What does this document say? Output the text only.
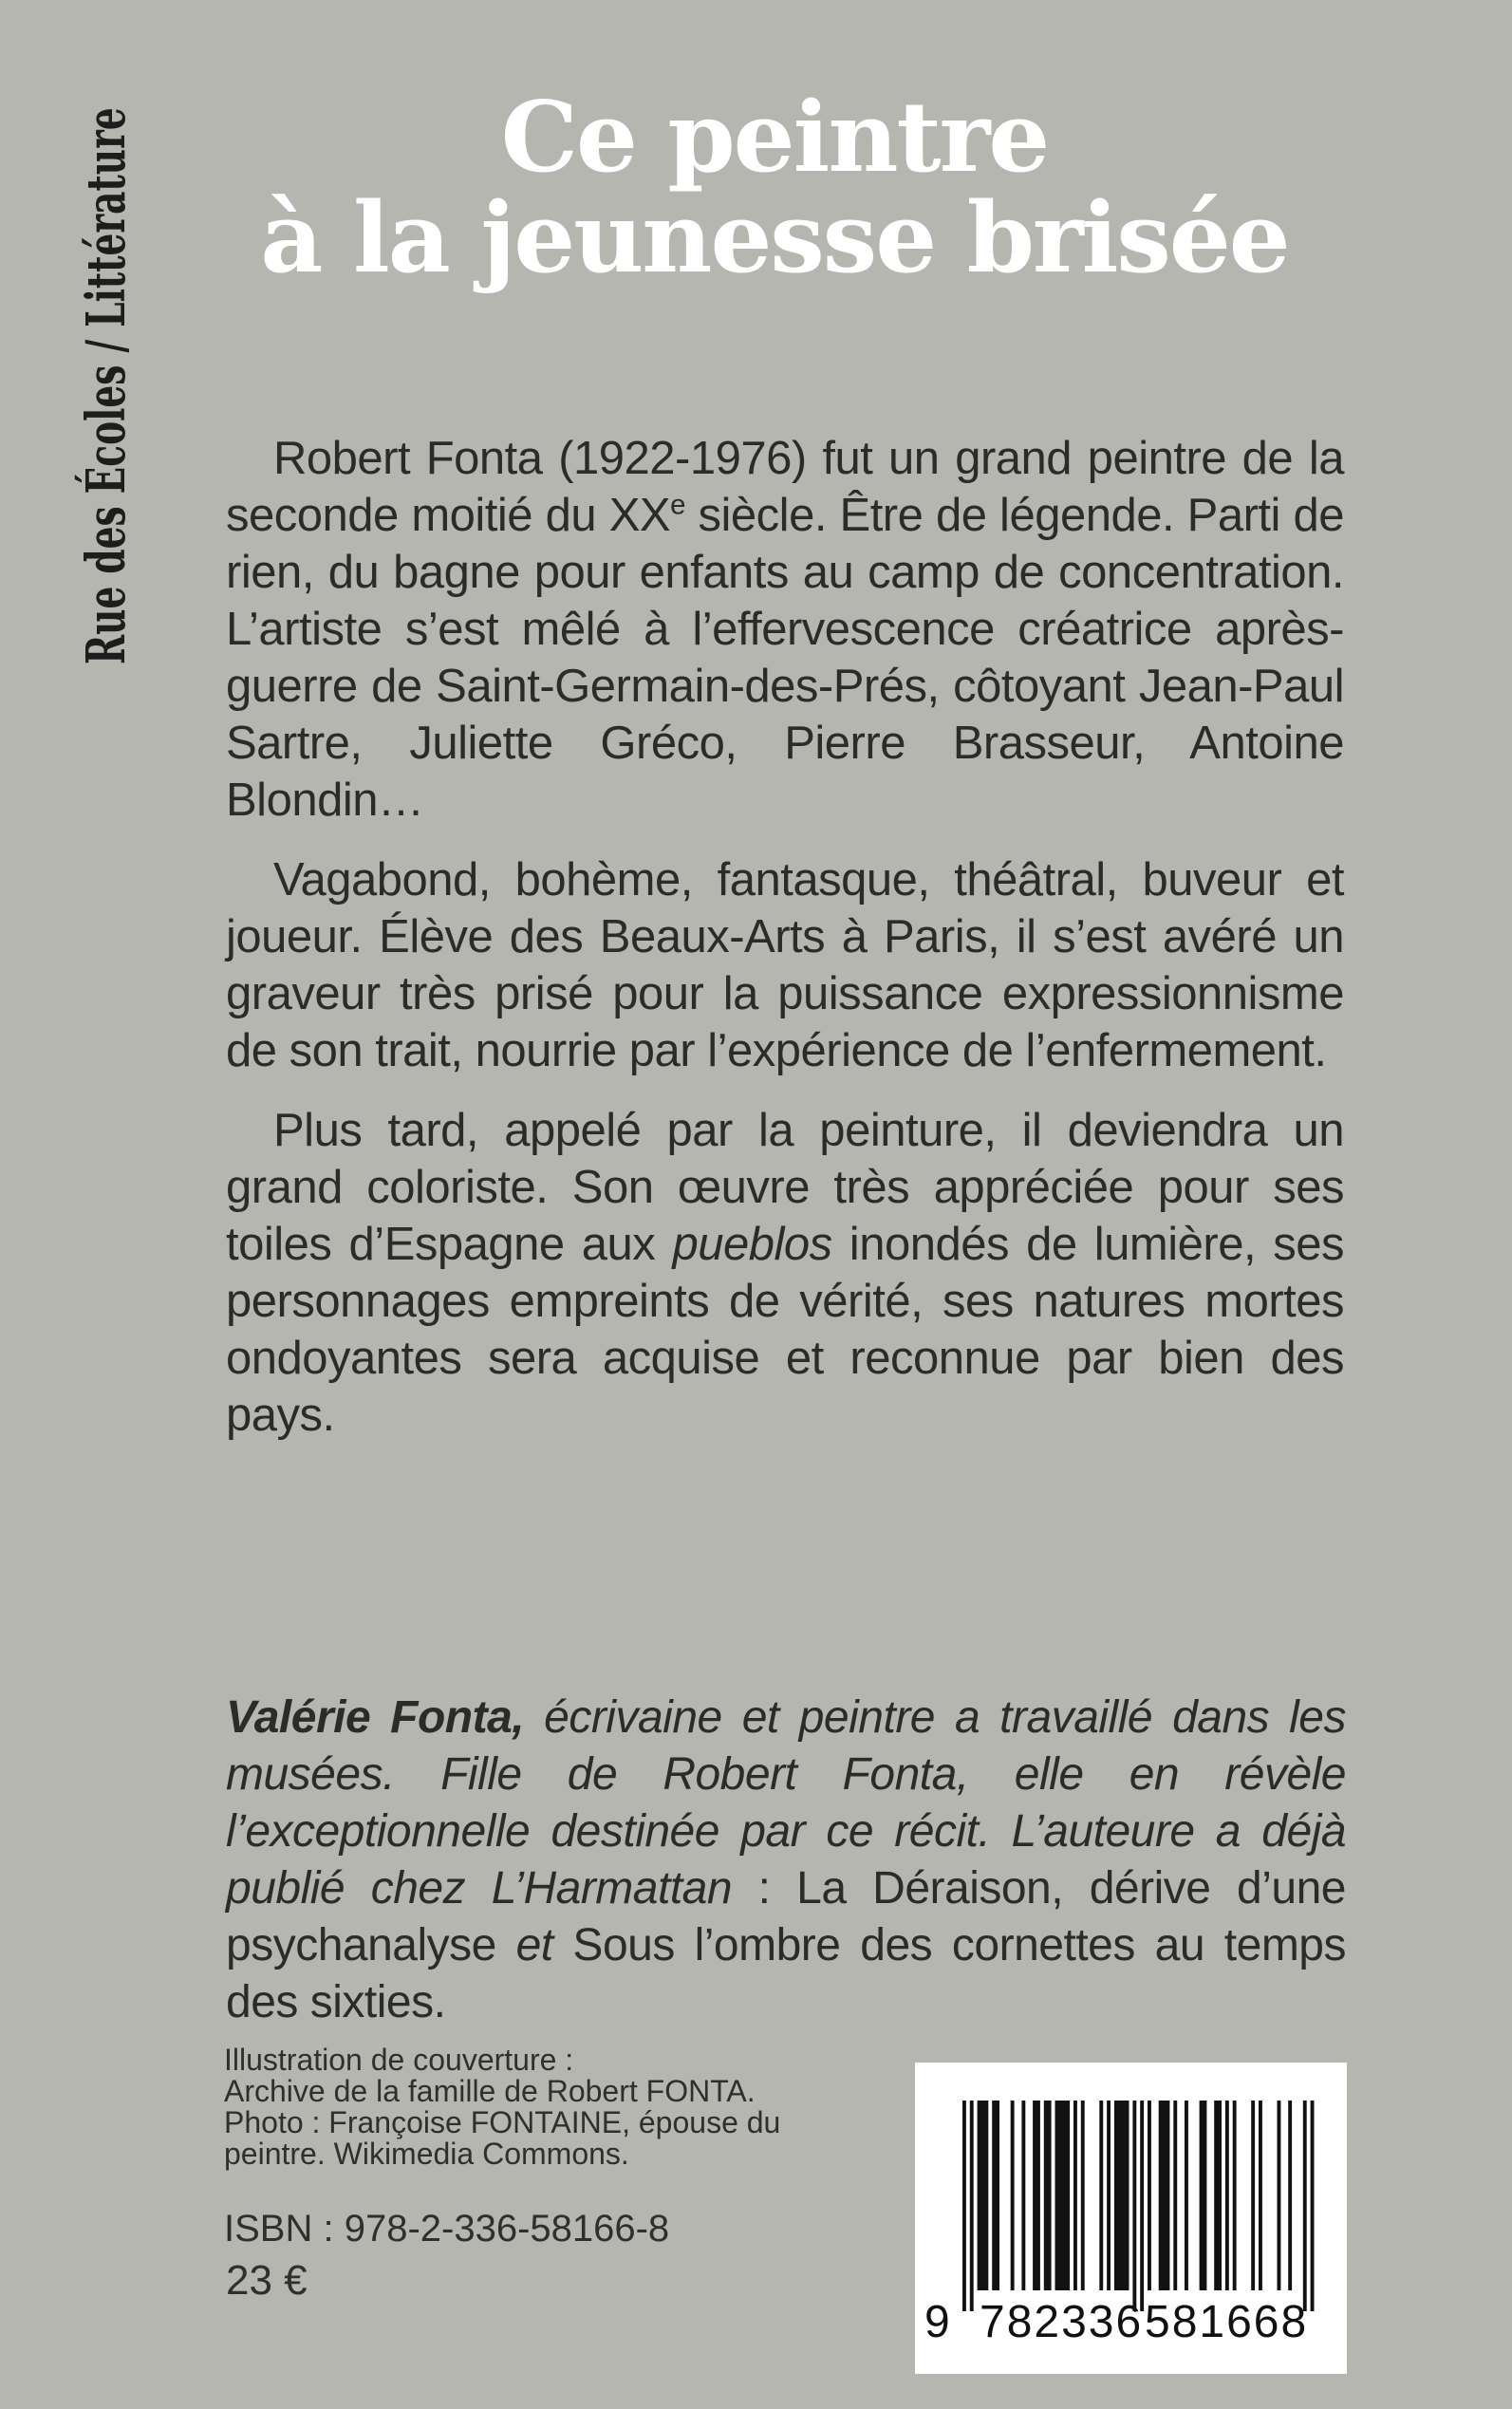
Rue des Écoles / Littérature	Ce peintre
à la jeunesse brisée

Robert Fonta (1922-1976) fut un grand peintre de la seconde moitié du XXe siècle. Être de légende. Parti de rien, du bagne pour enfants au camp de concentration. L’artiste s’est mêlé à l’effervescence créatrice après-guerre de Saint-Germain-des-Prés, côtoyant Jean-Paul Sartre, Juliette Gréco, Pierre Brasseur, Antoine Blondin…

Vagabond, bohème, fantasque, théâtral, buveur et joueur. Élève des Beaux-Arts à Paris, il s’est avéré un graveur très prisé pour la puissance expressionnisme de son trait, nourrie par l’expérience de l’enfermement.

Plus tard, appelé par la peinture, il deviendra un grand coloriste. Son œuvre très appréciée pour ses toiles d’Espagne aux pueblos inondés de lumière, ses personnages empreints de vérité, ses natures mortes ondoyantes sera acquise et reconnue par bien des pays.

Valérie Fonta, écrivaine et peintre a travaillé dans les musées. Fille de Robert Fonta, elle en révèle l’exceptionnelle destinée par ce récit. L’auteure a déjà publié chez L’Harmattan : La Déraison, dérive d’une psychanalyse et Sous l’ombre des cornettes au temps des sixties.
Illustration de couverture :
Archive de la famille de Robert FONTA.
Photo : Françoise FONTAINE, épouse du
peintre. Wikimedia Commons.
ISBN : 978-2-336-58166-8
23 €
9 782336 581668
